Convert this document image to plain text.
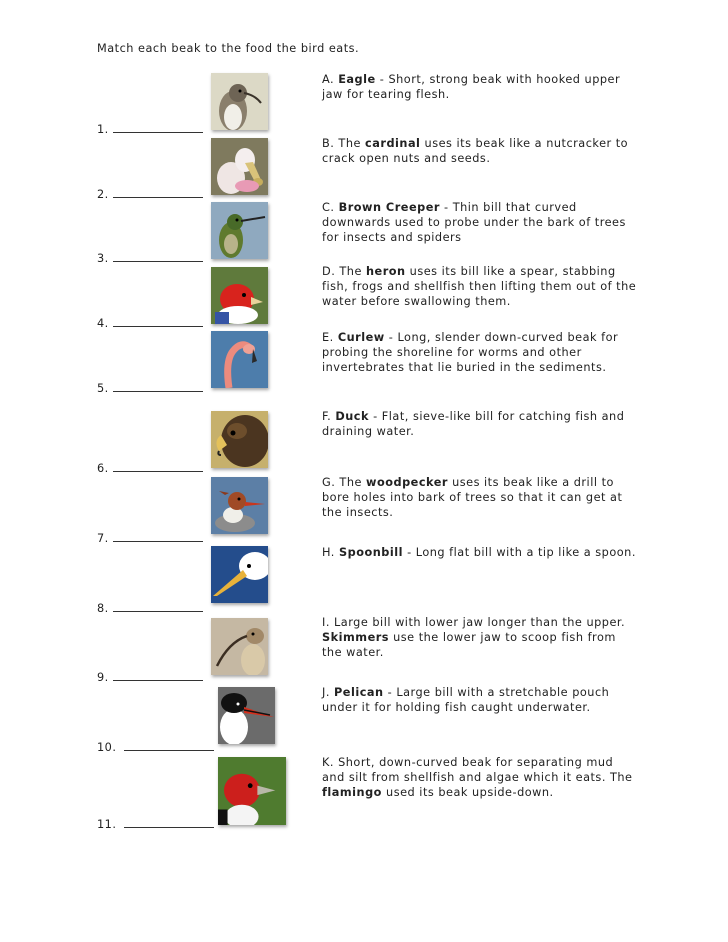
Match each beak to the food the bird eats.
1.
2.
3.
4.
5.
6.
7.
8.
9.
10.
11.
A. Eagle - Short, strong beak with hooked upper jaw for tearing flesh.
B. The cardinal uses its beak like a nutcracker to crack open nuts and seeds.
C. Brown Creeper - Thin bill that curved downwards used to probe under the bark of trees for insects and spiders
D. The heron uses its bill like a spear, stabbing fish, frogs and shellfish then lifting them out of the water before swallowing them.
E. Curlew - Long, slender down-curved beak for probing the shoreline for worms and other invertebrates that lie buried in the sediments.
F. Duck - Flat, sieve-like bill for catching fish and draining water.
G. The woodpecker uses its beak like a drill to bore holes into bark of trees so that it can get at the insects.
H. Spoonbill - Long flat bill with a tip like a spoon.
I. Large bill with lower jaw longer than the upper. Skimmers use the lower jaw to scoop fish from the water.
J. Pelican - Large bill with a stretchable pouch under it for holding fish caught underwater.
K. Short, down-curved beak for separating mud and silt from shellfish and algae which it eats. The flamingo used its beak upside-down.
